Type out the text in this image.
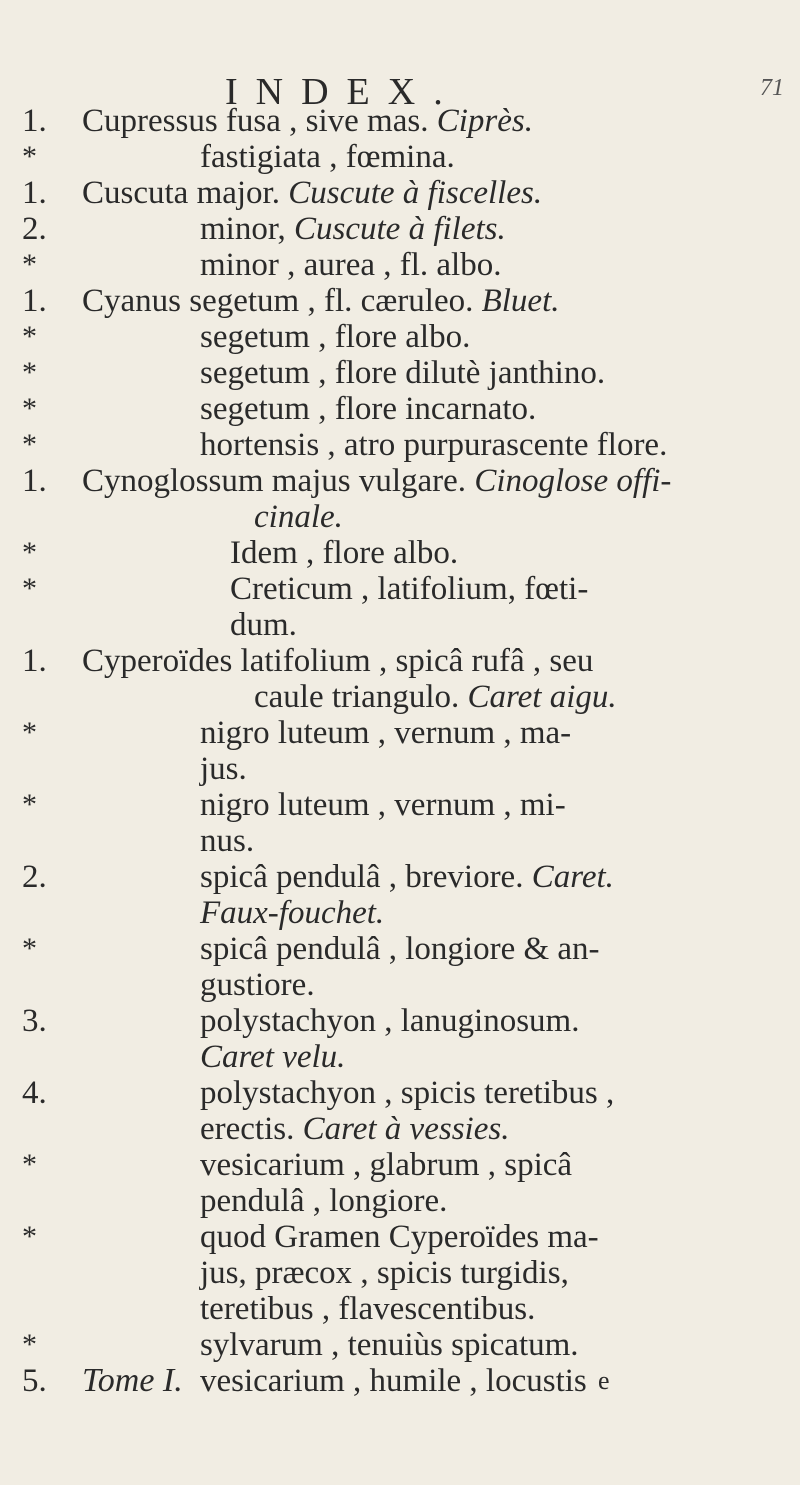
INDEX.	71
1.	Cupressus fusa , sive mas. Ciprès.
*	fastigiata , fœmina.
1.	Cuscuta major. Cuscute à fiscelles.
2.	minor, Cuscute à filets.
*	minor , aurea , fl. albo.
1.	Cyanus segetum , fl. cæruleo. Bluet.
*	segetum , flore albo.
*	segetum , flore dilutè janthino.
*	segetum , flore incarnato.
*	hortensis , atro purpurascente flore.
1.	Cynoglossum majus vulgare. Cinoglose offi-
cinale.
*	Idem , flore albo.
*	Creticum , latifolium, fœti-
dum.
1.	Cyperoïdes latifolium , spicâ rufâ , seu
caule triangulo. Caret aigu.
*	nigro luteum , vernum , ma-
jus.
*	nigro luteum , vernum , mi-
nus.
2.	spicâ pendulâ , breviore. Caret.
Faux-fouchet.
*	spicâ pendulâ , longiore & an-
gustiore.
3.	polystachyon , lanuginosum.
Caret velu.
4.	polystachyon , spicis teretibus ,
erectis. Caret à vessies.
*	vesicarium , glabrum , spicâ
pendulâ , longiore.
*	quod Gramen Cyperoïdes ma-
jus, præcox , spicis turgidis,
teretibus , flavescentibus.
*	sylvarum , tenuiùs spicatum.
5.	vesicarium , humile , locustis
Tome I.	e
